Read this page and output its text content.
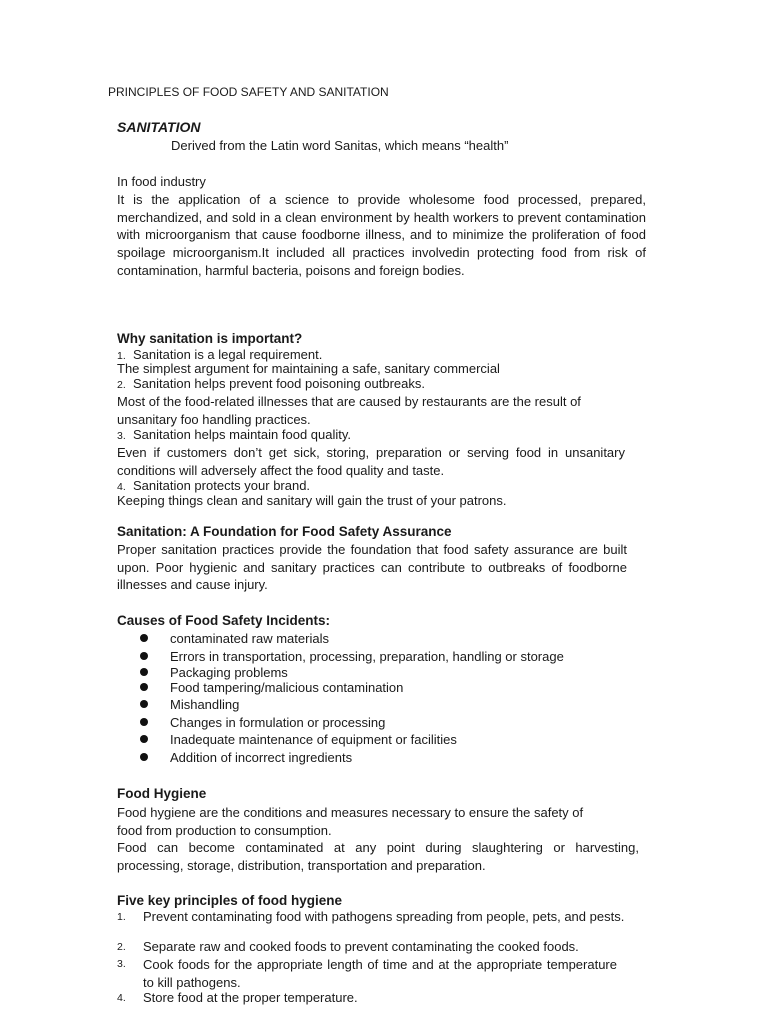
PRINCIPLES OF FOOD SAFETY AND SANITATION
SANITATION
Derived from the Latin word Sanitas, which means “health”
In food industry
It is the application of a science to provide wholesome food processed, prepared, merchandized, and sold in a clean environment by health workers to prevent contamination with microorganism that cause foodborne illness, and to minimize the proliferation of food spoilage microorganism.It included all practices involvedin protecting food from risk of contamination, harmful bacteria, poisons and foreign bodies.
Why sanitation is important?
1. Sanitation is a legal requirement.
The simplest argument for maintaining a safe, sanitary commercial
2. Sanitation helps prevent food poisoning outbreaks.
Most of the food-related illnesses that are caused by restaurants are the result of unsanitary foo handling practices.
3. Sanitation helps maintain food quality.
Even if customers don’t get sick, storing, preparation or serving food in unsanitary conditions will adversely affect the food quality and taste.
4. Sanitation protects your brand.
Keeping things clean and sanitary will gain the trust of your patrons.
Sanitation: A Foundation for Food Safety Assurance
Proper sanitation practices provide the foundation that food safety assurance are built upon. Poor hygienic and sanitary practices can contribute to outbreaks of foodborne illnesses and cause injury.
Causes of Food Safety Incidents:
contaminated raw materials
Errors in transportation, processing, preparation, handling or storage
Packaging problems
Food tampering/malicious contamination
Mishandling
Changes in formulation or processing
Inadequate maintenance of equipment or facilities
Addition of incorrect ingredients
Food Hygiene
Food hygiene are the conditions and measures necessary to ensure the safety of food from production to consumption.
Food can become contaminated at any point during slaughtering or harvesting, processing, storage, distribution, transportation and preparation.
Five key principles of food hygiene
1. Prevent contaminating food with pathogens spreading from people, pets, and pests.
2. Separate raw and cooked foods to prevent contaminating the cooked foods.
3. Cook foods for the appropriate length of time and at the appropriate temperature to kill pathogens.
4. Store food at the proper temperature.
